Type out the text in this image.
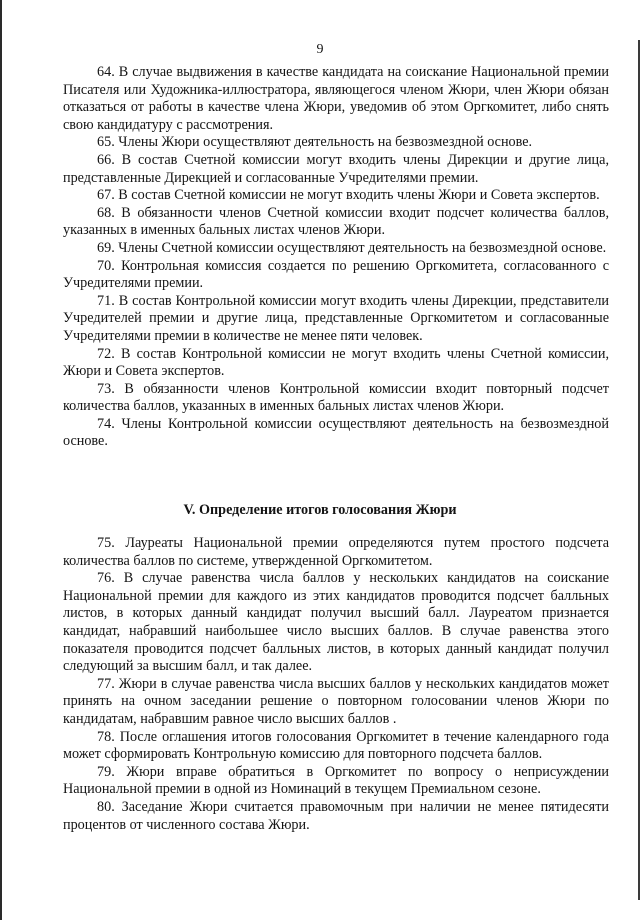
9

64. В случае выдвижения в качестве кандидата на соискание Национальной премии Писателя или Художника-иллюстратора, являющегося членом Жюри, член Жюри обязан отказаться от работы в качестве члена Жюри, уведомив об этом Оргкомитет, либо снять свою кандидатуру с рассмотрения.

65. Члены Жюри осуществляют деятельность на безвозмездной основе.

66. В состав Счетной комиссии могут входить члены Дирекции и другие лица, представленные Дирекцией и согласованные Учредителями премии.

67. В состав Счетной комиссии не могут входить члены Жюри и Совета экспертов.

68. В обязанности членов Счетной комиссии входит подсчет количества баллов, указанных в именных бальных листах членов Жюри.

69. Члены Счетной комиссии осуществляют деятельность на безвозмездной основе.

70. Контрольная комиссия создается по решению Оргкомитета, согласованного с Учредителями премии.

71. В состав Контрольной комиссии могут входить члены Дирекции, представители Учредителей премии и другие лица, представленные Оргкомитетом и согласованные Учредителями премии в количестве не менее пяти человек.

72. В состав Контрольной комиссии не могут входить члены Счетной комиссии, Жюри и Совета экспертов.

73. В обязанности членов Контрольной комиссии входит повторный подсчет количества баллов, указанных в именных бальных листах членов Жюри.

74. Члены Контрольной комиссии осуществляют деятельность на безвозмездной основе.

V. Определение итогов голосования Жюри

75. Лауреаты Национальной премии определяются путем простого подсчета количества баллов по системе, утвержденной Оргкомитетом.

76. В случае равенства числа баллов у нескольких кандидатов на соискание Национальной премии для каждого из этих кандидатов проводится подсчет балльных листов, в которых данный кандидат получил высший балл. Лауреатом признается кандидат, набравший наибольшее число высших баллов. В случае равенства этого показателя проводится подсчет балльных листов, в которых данный кандидат получил следующий за высшим балл, и так далее.

77. Жюри в случае равенства числа высших баллов у нескольких кандидатов может принять на очном заседании решение о повторном голосовании членов Жюри по кандидатам, набравшим равное число высших баллов .

78. После оглашения итогов голосования Оргкомитет в течение календарного года может сформировать Контрольную комиссию для повторного подсчета баллов.

79. Жюри вправе обратиться в Оргкомитет по вопросу о неприсуждении Национальной премии в одной из Номинаций в текущем Премиальном сезоне.

80. Заседание Жюри считается правомочным при наличии не менее пятидесяти процентов от численного состава Жюри.
